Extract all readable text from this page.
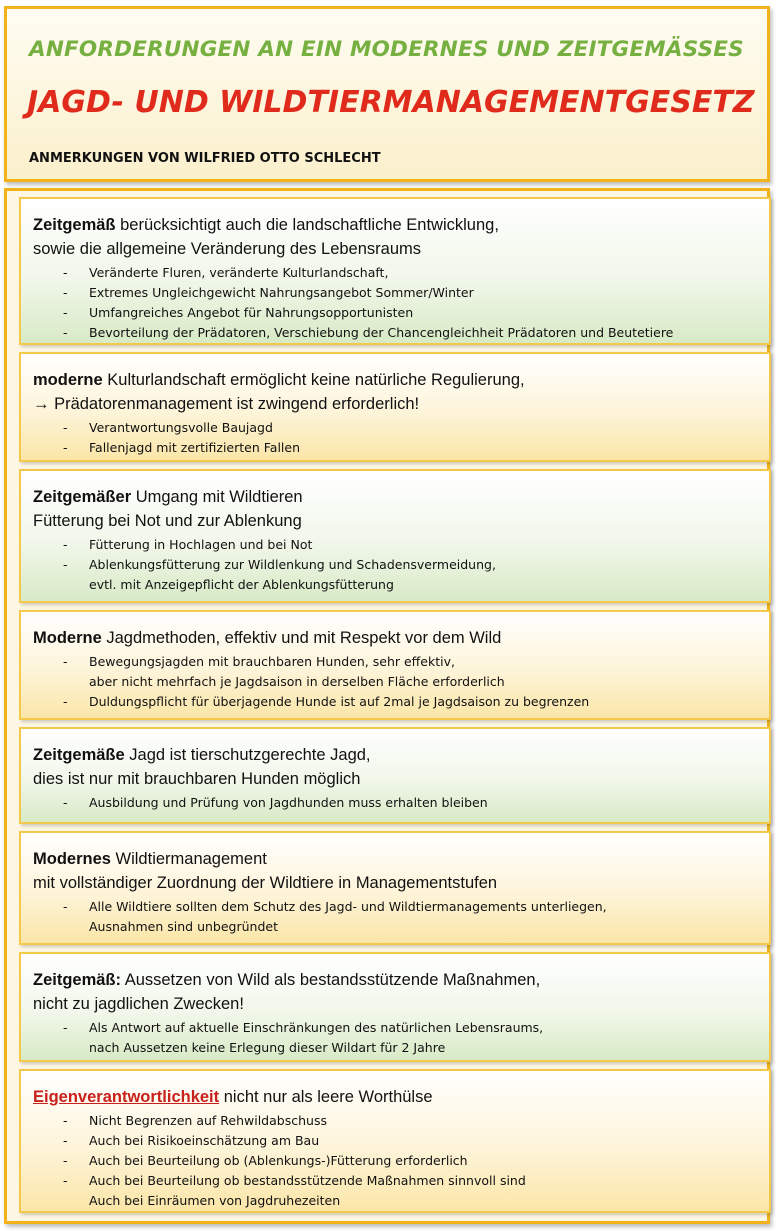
ANFORDERUNGEN AN EIN MODERNES UND ZEITGEMÄSSES
JAGD- UND WILDTIERMANAGEMENTGESETZ
ANMERKUNGEN VON WILFRIED OTTO SCHLECHT
Zeitgemäß berücksichtigt auch die landschaftliche Entwicklung,
sowie die allgemeine Veränderung des Lebensraums
- Veränderte Fluren, veränderte Kulturlandschaft,
- Extremes Ungleichgewicht Nahrungsangebot Sommer/Winter
- Umfangreiches Angebot für Nahrungsopportunisten
- Bevorteilung der Prädatoren, Verschiebung der Chancengleichheit Prädatoren und Beutetiere
moderne Kulturlandschaft ermöglicht keine natürliche Regulierung,
→ Prädatorenmanagement ist zwingend erforderlich!
- Verantwortungsvolle Baujagd
- Fallenjagd mit zertifizierten Fallen
Zeitgemäßer Umgang mit Wildtieren
Fütterung bei Not und zur Ablenkung
- Fütterung in Hochlagen und bei Not
- Ablenkungsfütterung zur Wildlenkung und Schadensvermeidung,
evtl. mit Anzeigepflicht der Ablenkungsfütterung
Moderne Jagdmethoden, effektiv und mit Respekt vor dem Wild
- Bewegungsjagden mit brauchbaren Hunden, sehr effektiv,
aber nicht mehrfach je Jagdsaison in derselben Fläche erforderlich
- Duldungspflicht für überjagende Hunde ist auf 2mal je Jagdsaison zu begrenzen
Zeitgemäße Jagd ist tierschutzgerechte Jagd,
dies ist nur mit brauchbaren Hunden möglich
- Ausbildung und Prüfung von Jagdhunden muss erhalten bleiben
Modernes Wildtiermanagement
mit vollständiger Zuordnung der Wildtiere in Managementstufen
- Alle Wildtiere sollten dem Schutz des Jagd- und Wildtiermanagements unterliegen,
Ausnahmen sind unbegründet
Zeitgemäß: Aussetzen von Wild als bestandsstützende Maßnahmen,
nicht zu jagdlichen Zwecken!
- Als Antwort auf aktuelle Einschränkungen des natürlichen Lebensraums,
nach Aussetzen keine Erlegung dieser Wildart für 2 Jahre
Eigenverantwortlichkeit nicht nur als leere Worthülse
- Nicht Begrenzen auf Rehwildabschuss
- Auch bei Risikoeinschätzung am Bau
- Auch bei Beurteilung ob (Ablenkungs-)Fütterung erforderlich
- Auch bei Beurteilung ob bestandsstützende Maßnahmen sinnvoll sind
Auch bei Einräumen von Jagdruhezeiten
